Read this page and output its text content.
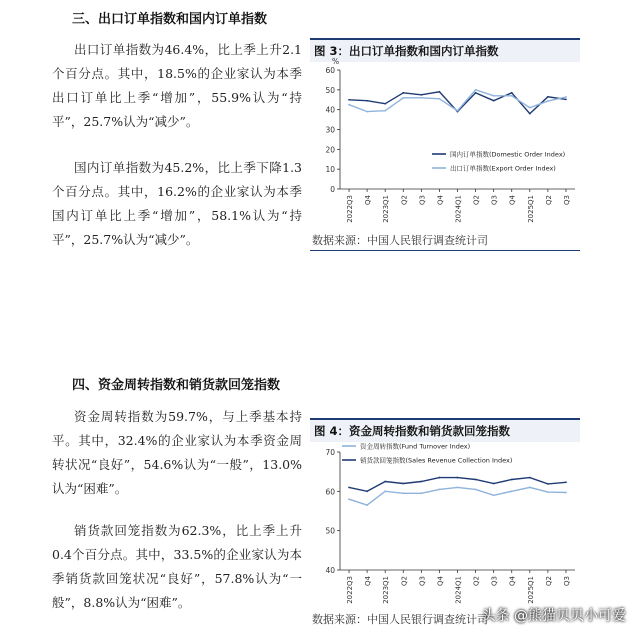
三、出口订单指数和国内订单指数

出口订单指数为46.4%，比上季上升2.1个百分点。其中，18.5%的企业家认为本季出口订单比上季“增加”，55.9%认为“持平”，25.7%认为“减少”。

国内订单指数为45.2%，比上季下降1.3个百分点。其中，16.2%的企业家认为本季国内订单比上季“增加”，58.1%认为“持平”，25.7%认为“减少”。

图 3：出口订单指数和国内订单指数
0
10
20
30
40
50
60
%
2022Q3 Q4 2023Q1 Q2 Q3 Q4 2024Q1 Q2 Q3 Q4 2025Q1 Q2 Q3
国内订单指数(Domestic Order Index)
出口订单指数(Export Order Index)
数据来源：中国人民银行调查统计司
四、资金周转指数和销货款回笼指数

资金周转指数为59.7%，与上季基本持平。其中，32.4%的企业家认为本季资金周转状况“良好”，54.6%认为“一般”，13.0%认为“困难”。

销货款回笼指数为62.3%，比上季上升0.4个百分点。其中，33.5%的企业家认为本季销货款回笼状况“良好”，57.8%认为“一般”，8.8%认为“困难”。

图 4：资金周转指数和销货款回笼指数
40
50
60
70
2022Q3 Q4 2023Q1 Q2 Q3 Q4 2024Q1 Q2 Q3 Q4 2025Q1 Q2 Q3
资金周转指数(Fund Turnover Index)
销货款回笼指数(Sales Revenue Collection Index)
数据来源：中国人民银行调查统计司
头条 @熊猫贝贝小可爱
